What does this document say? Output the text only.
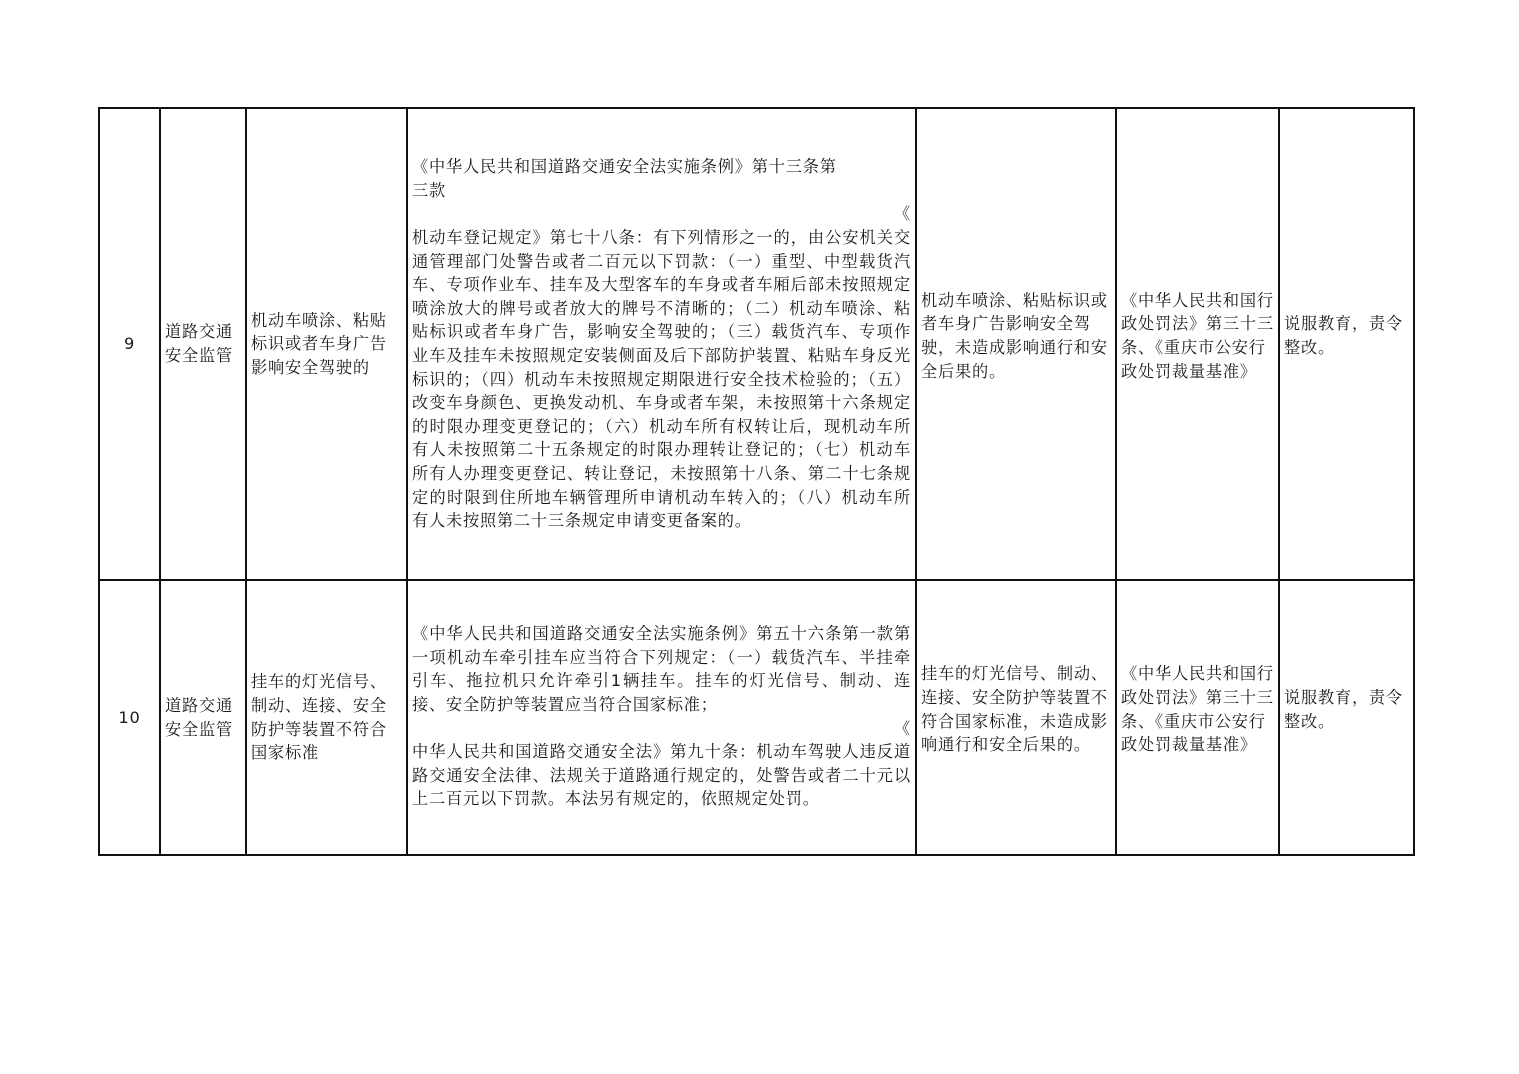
9	道路交通安全监管	机动车喷涂、粘贴标识或者车身广告影响安全驾驶的	《中华人民共和国道路交通安全法实施条例》第十三条第
三款
《
机动车登记规定》第七十八条：有下列情形之一的，由公安机关交通管理部门处警告或者二百元以下罚款：（一）重型、中型载货汽车、专项作业车、挂车及大型客车的车身或者车厢后部未按照规定喷涂放大的牌号或者放大的牌号不清晰的；（二）机动车喷涂、粘贴标识或者车身广告，影响安全驾驶的；（三）载货汽车、专项作业车及挂车未按照规定安装侧面及后下部防护装置、粘贴车身反光标识的；（四）机动车未按照规定期限进行安全技术检验的；（五）改变车身颜色、更换发动机、车身或者车架，未按照第十六条规定的时限办理变更登记的；（六）机动车所有权转让后，现机动车所有人未按照第二十五条规定的时限办理转让登记的；（七）机动车所有人办理变更登记、转让登记，未按照第十八条、第二十七条规定的时限到住所地车辆管理所申请机动车转入的；（八）机动车所有人未按照第二十三条规定申请变更备案的。	机动车喷涂、粘贴标识或者车身广告影响安全驾驶，未造成影响通行和安全后果的。	《中华人民共和国行政处罚法》第三十三条、《重庆市公安行政处罚裁量基准》	说服教育，责令整改。

10	道路交通安全监管	挂车的灯光信号、制动、连接、安全防护等装置不符合国家标准	《中华人民共和国道路交通安全法实施条例》第五十六条第一款第一项机动车牵引挂车应当符合下列规定：（一）载货汽车、半挂牵引车、拖拉机只允许牵引1辆挂车。挂车的灯光信号、制动、连接、安全防护等装置应当符合国家标准；
《
中华人民共和国道路交通安全法》第九十条：机动车驾驶人违反道路交通安全法律、法规关于道路通行规定的，处警告或者二十元以上二百元以下罚款。本法另有规定的，依照规定处罚。	挂车的灯光信号、制动、连接、安全防护等装置不符合国家标准，未造成影响通行和安全后果的。	《中华人民共和国行政处罚法》第三十三条、《重庆市公安行政处罚裁量基准》	说服教育，责令整改。
